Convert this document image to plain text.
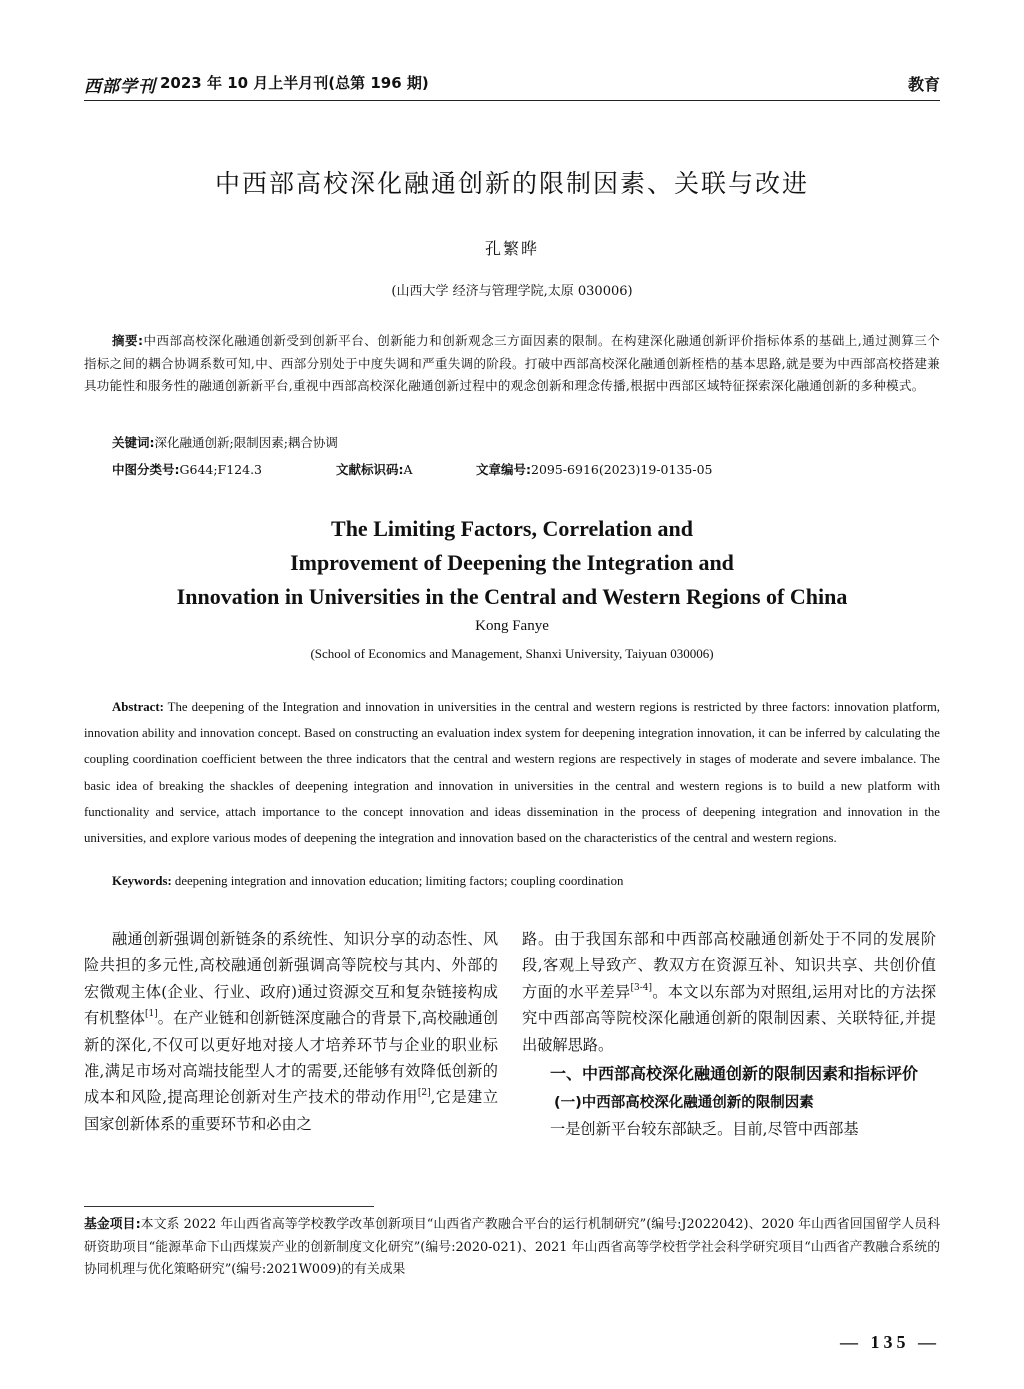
西部学刊 2023 年 10 月上半月刊(总第 196 期)	教育
中西部高校深化融通创新的限制因素、关联与改进
孔繁晔
(山西大学 经济与管理学院,太原 030006)
摘要:中西部高校深化融通创新受到创新平台、创新能力和创新观念三方面因素的限制。在构建深化融通创新评价指标体系的基础上,通过测算三个指标之间的耦合协调系数可知,中、西部分别处于中度失调和严重失调的阶段。打破中西部高校深化融通创新桎梏的基本思路,就是要为中西部高校搭建兼具功能性和服务性的融通创新新平台,重视中西部高校深化融通创新过程中的观念创新和理念传播,根据中西部区域特征探索深化融通创新的多种模式。
关键词:深化融通创新;限制因素;耦合协调
中图分类号:G644;F124.3	文献标识码:A	文章编号:2095-6916(2023)19-0135-05
The Limiting Factors, Correlation and
Improvement of Deepening the Integration and
Innovation in Universities in the Central and Western Regions of China
Kong Fanye
(School of Economics and Management, Shanxi University, Taiyuan 030006)
Abstract: The deepening of the Integration and innovation in universities in the central and western regions is restricted by three factors: innovation platform, innovation ability and innovation concept. Based on constructing an evaluation index system for deepening integration innovation, it can be inferred by calculating the coupling coordination coefficient between the three indicators that the central and western regions are respectively in stages of moderate and severe imbalance. The basic idea of breaking the shackles of deepening integration and innovation in universities in the central and western regions is to build a new platform with functionality and service, attach importance to the concept innovation and ideas dissemination in the process of deepening integration and innovation in the universities, and explore various modes of deepening the integration and innovation based on the characteristics of the central and western regions.
Keywords: deepening integration and innovation education; limiting factors; coupling coordination

融通创新强调创新链条的系统性、知识分享的动态性、风险共担的多元性,高校融通创新强调高等院校与其内、外部的宏微观主体(企业、行业、政府)通过资源交互和复杂链接构成有机整体[1]。在产业链和创新链深度融合的背景下,高校融通创新的深化,不仅可以更好地对接人才培养环节与企业的职业标准,满足市场对高端技能型人才的需要,还能够有效降低创新的成本和风险,提高理论创新对生产技术的带动作用[2],它是建立国家创新体系的重要环节和必由之

路。由于我国东部和中西部高校融通创新处于不同的发展阶段,客观上导致产、教双方在资源互补、知识共享、共创价值方面的水平差异[3-4]。本文以东部为对照组,运用对比的方法探究中西部高等院校深化融通创新的限制因素、关联特征,并提出破解思路。

一、中西部高校深化融通创新的限制因素和指标评价
(一)中西部高校深化融通创新的限制因素

一是创新平台较东部缺乏。目前,尽管中西部基

基金项目:本文系 2022 年山西省高等学校教学改革创新项目“山西省产教融合平台的运行机制研究”(编号:J2022042)、2020 年山西省回国留学人员科研资助项目“能源革命下山西煤炭产业的创新制度文化研究”(编号:2020-021)、2021 年山西省高等学校哲学社会科学研究项目“山西省产教融合系统的协同机理与优化策略研究”(编号:2021W009)的有关成果
— 135 —
